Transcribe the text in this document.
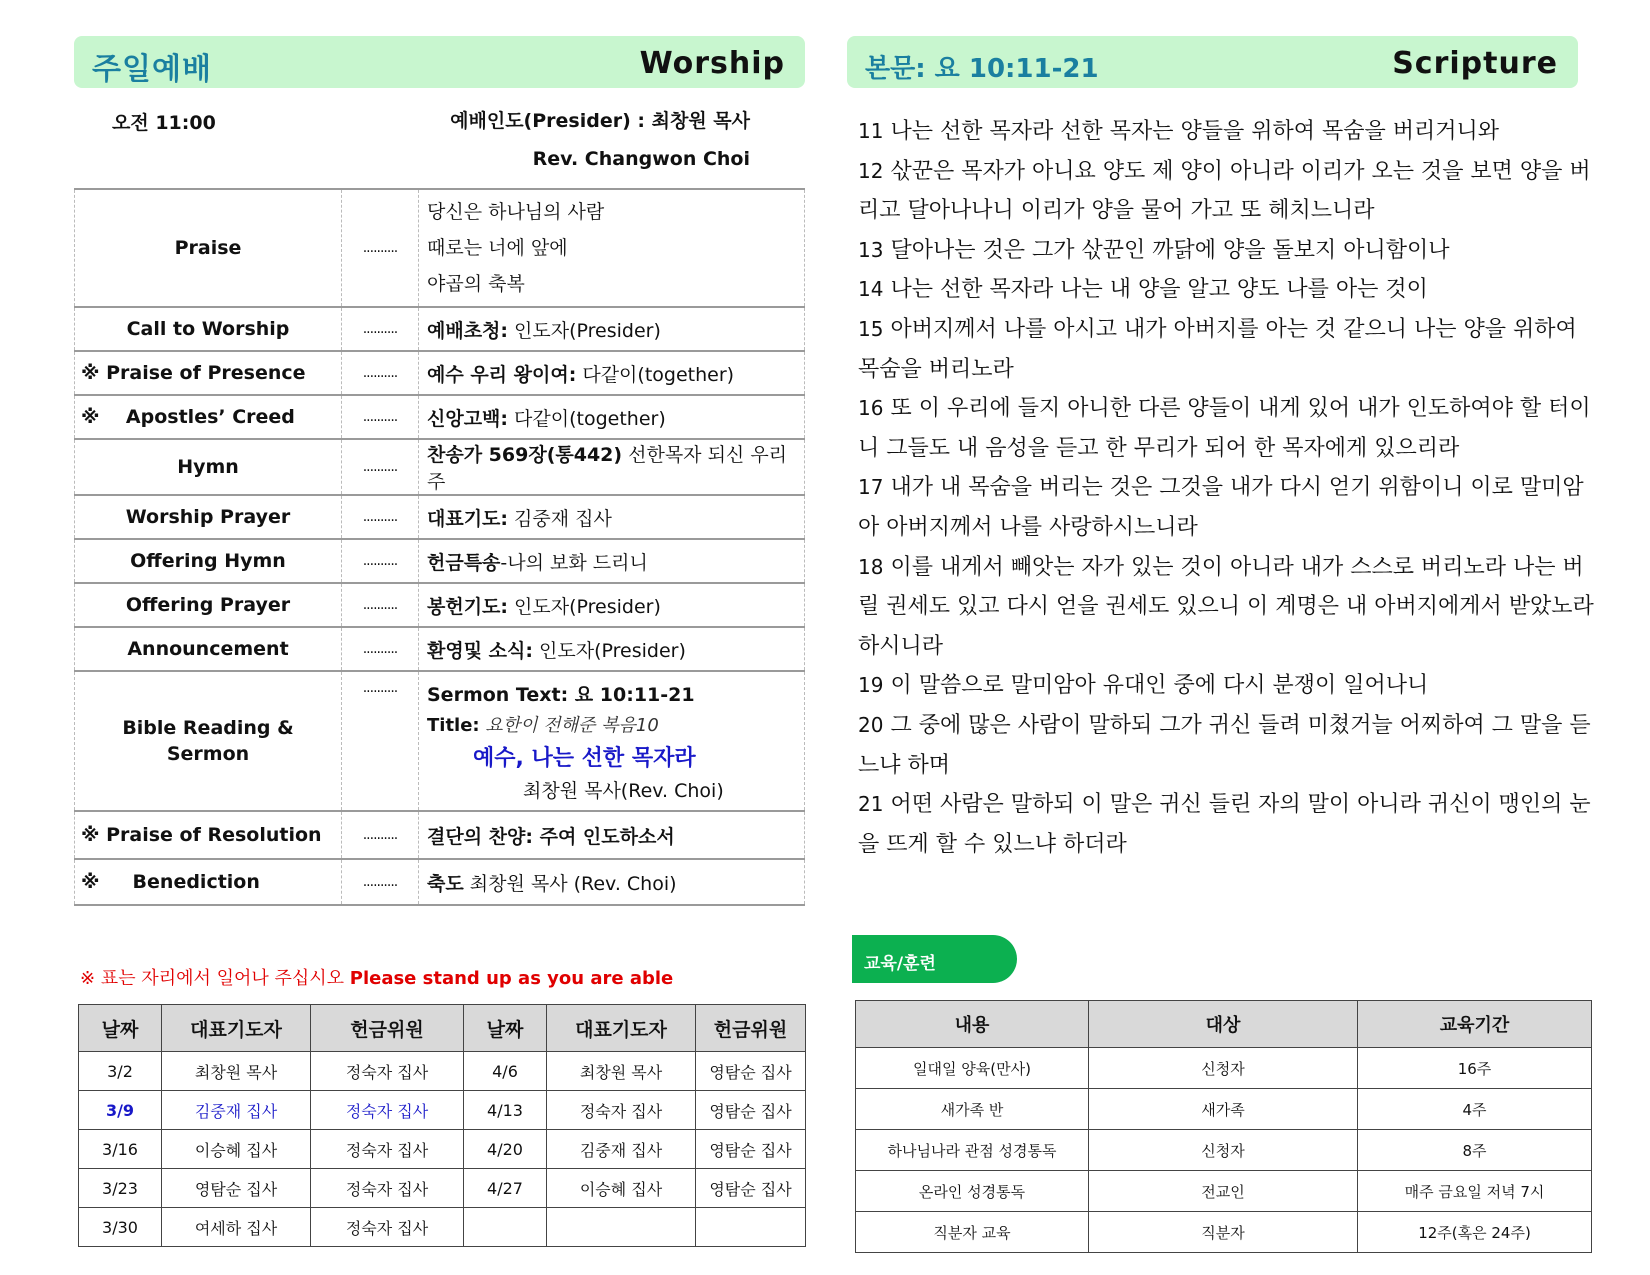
주일예배	Worship
오전 11:00	예배인도(Presider) : 최창원 목사
Rev. Changwon Choi
Praise	..........	당신은 하나님의 사람
때로는 너에 앞에
야곱의 축복

Call to Worship	..........	예배초청: 인도자(Presider)
※ Praise of Presence	..........	예수 우리 왕이여: 다같이(together)
※    Apostles’ Creed	..........	신앙고백: 다같이(together)
Hymn	..........	찬송가 569장(통442) 선한목자 되신 우리주
Worship Prayer	..........	대표기도: 김중재 집사
Offering Hymn	..........	헌금특송-나의 보화 드리니
Offering Prayer	..........	봉헌기도: 인도자(Presider)
Announcement	..........	환영및 소식: 인도자(Presider)
Bible Reading & Sermon	..........	Sermon Text: 요 10:11-21
Title: 요한이 전해준 복음10
예수, 나는 선한 목자라
최창원 목사(Rev. Choi)

※ Praise of Resolution	..........	결단의 찬양: 주여 인도하소서
※     Benediction	..........	축도 최창원 목사 (Rev. Choi)
※ 표는 자리에서 일어나 주십시오 Please stand up as you are able
날짜	대표기도자	헌금위원	날짜	대표기도자	헌금위원
3/2	최창원 목사	정숙자 집사	4/6	최창원 목사	영탐순 집사
3/9	김중재 집사	정숙자 집사	4/13	정숙자 집사	영탐순 집사
3/16	이승혜 집사	정숙자 집사	4/20	김중재 집사	영탐순 집사
3/23	영탐순 집사	정숙자 집사	4/27	이승혜 집사	영탐순 집사
3/30	여세하 집사	정숙자 집사			
본문: 요 10:11-21	Scripture
11 나는 선한 목자라 선한 목자는 양들을 위하여 목숨을 버리거니와
12 삯꾼은 목자가 아니요 양도 제 양이 아니라 이리가 오는 것을 보면 양을 버리고 달아나나니 이리가 양을 물어 가고 또 헤치느니라
13 달아나는 것은 그가 삯꾼인 까닭에 양을 돌보지 아니함이나
14 나는 선한 목자라 나는 내 양을 알고 양도 나를 아는 것이
15 아버지께서 나를 아시고 내가 아버지를 아는 것 같으니 나는 양을 위하여 목숨을 버리노라
16 또 이 우리에 들지 아니한 다른 양들이 내게 있어 내가 인도하여야 할 터이니 그들도 내 음성을 듣고 한 무리가 되어 한 목자에게 있으리라
17 내가 내 목숨을 버리는 것은 그것을 내가 다시 얻기 위함이니 이로 말미암아 아버지께서 나를 사랑하시느니라
18 이를 내게서 빼앗는 자가 있는 것이 아니라 내가 스스로 버리노라 나는 버릴 권세도 있고 다시 얻을 권세도 있으니 이 계명은 내 아버지에게서 받았노라 하시니라
19 이 말씀으로 말미암아 유대인 중에 다시 분쟁이 일어나니
20 그 중에 많은 사람이 말하되 그가 귀신 들려 미쳤거늘 어찌하여 그 말을 듣느냐 하며
21 어떤 사람은 말하되 이 말은 귀신 들린 자의 말이 아니라 귀신이 맹인의 눈을 뜨게 할 수 있느냐 하더라
교육/훈련
내용	대상	교육기간
일대일 양육(만사)	신청자	16주
새가족 반	새가족	4주
하나님나라 관점 성경통독	신청자	8주
온라인 성경통독	전교인	매주 금요일 저녁 7시
직분자 교육	직분자	12주(혹은 24주)
